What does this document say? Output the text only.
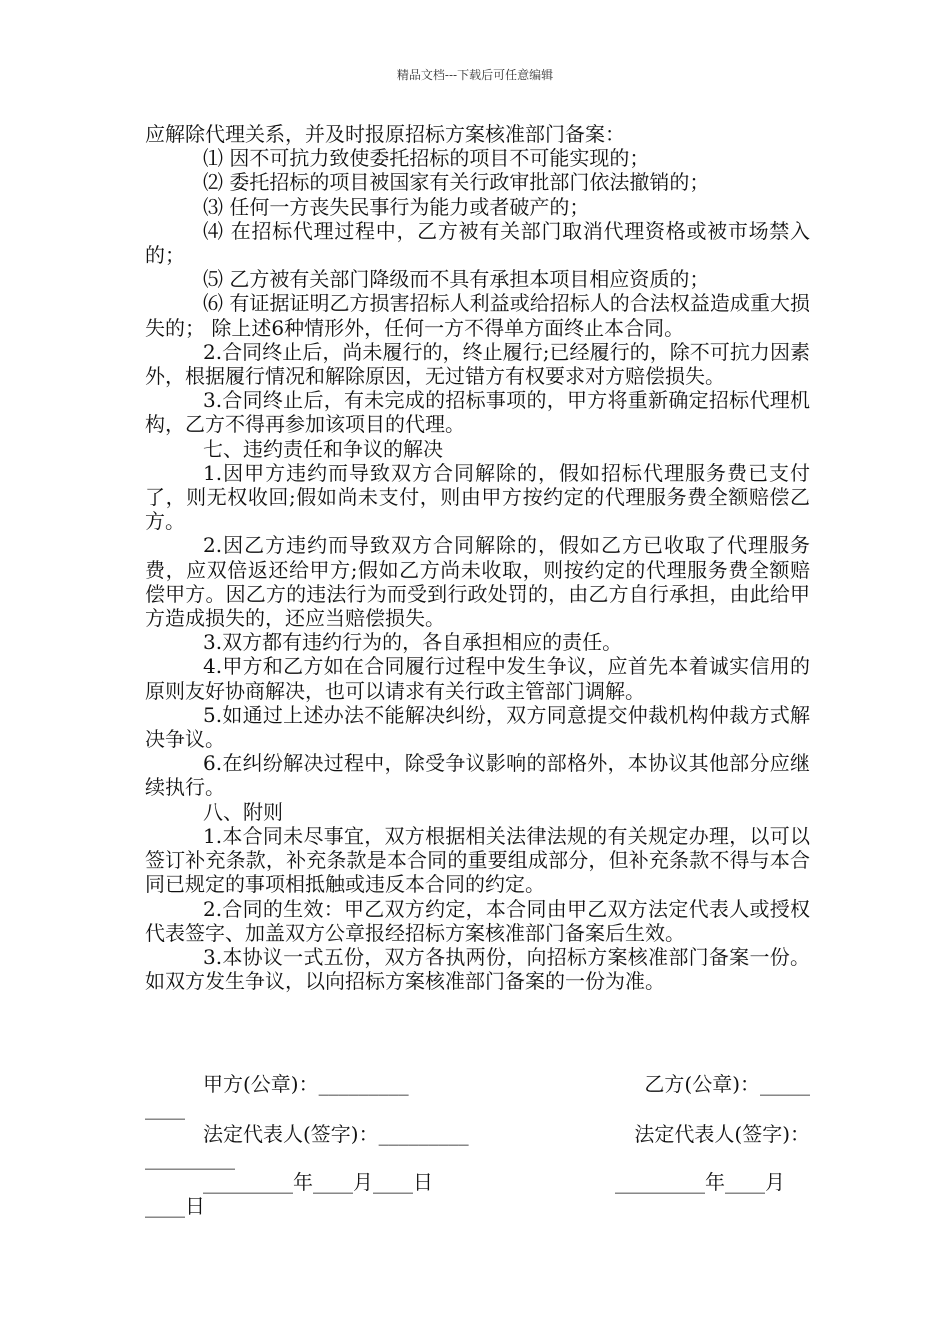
精品文档---下载后可任意编辑

应解除代理关系，并及时报原招标方案核准部门备案：

⑴ 因不可抗力致使委托招标的项目不可能实现的；

⑵ 委托招标的项目被国家有关行政审批部门依法撤销的；

⑶ 任何一方丧失民事行为能力或者破产的；

⑷ 在招标代理过程中，乙方被有关部门取消代理资格或被市场禁入的；

⑸ 乙方被有关部门降级而不具有承担本项目相应资质的；

⑹ 有证据证明乙方损害招标人利益或给招标人的合法权益造成重大损失的； 除上述6种情形外，任何一方不得单方面终止本合同。

2.合同终止后，尚未履行的，终止履行;已经履行的，除不可抗力因素外，根据履行情况和解除原因，无过错方有权要求对方赔偿损失。

3.合同终止后，有未完成的招标事项的，甲方将重新确定招标代理机构，乙方不得再参加该项目的代理。

七、违约责任和争议的解决

1.因甲方违约而导致双方合同解除的，假如招标代理服务费已支付了，则无权收回;假如尚未支付，则由甲方按约定的代理服务费全额赔偿乙方。

2.因乙方违约而导致双方合同解除的，假如乙方已收取了代理服务费，应双倍返还给甲方;假如乙方尚未收取，则按约定的代理服务费全额赔偿甲方。因乙方的违法行为而受到行政处罚的，由乙方自行承担，由此给甲方造成损失的，还应当赔偿损失。

3.双方都有违约行为的，各自承担相应的责任。

4.甲方和乙方如在合同履行过程中发生争议，应首先本着诚实信用的原则友好协商解决，也可以请求有关行政主管部门调解。

5.如通过上述办法不能解决纠纷，双方同意提交仲裁机构仲裁方式解决争议。

6.在纠纷解决过程中，除受争议影响的部格外，本协议其他部分应继续执行。

八、附则

1.本合同未尽事宜，双方根据相关法律法规的有关规定办理，以可以签订补充条款，补充条款是本合同的重要组成部分，但补充条款不得与本合同已规定的事项相抵触或违反本合同的约定。

2.合同的生效：甲乙双方约定，本合同由甲乙双方法定代表人或授权代表签字、加盖双方公章报经招标方案核准部门备案后生效。

3.本协议一式五份，双方各执两份，向招标方案核准部门备案一份。如双方发生争议，以向招标方案核准部门备案的一份为准。

甲方(公章)：_________	乙方(公章)：_____
____
法定代表人(签字)：_________	法定代表人(签字)：
_________
_________年____月____日	_________年____月
____日
